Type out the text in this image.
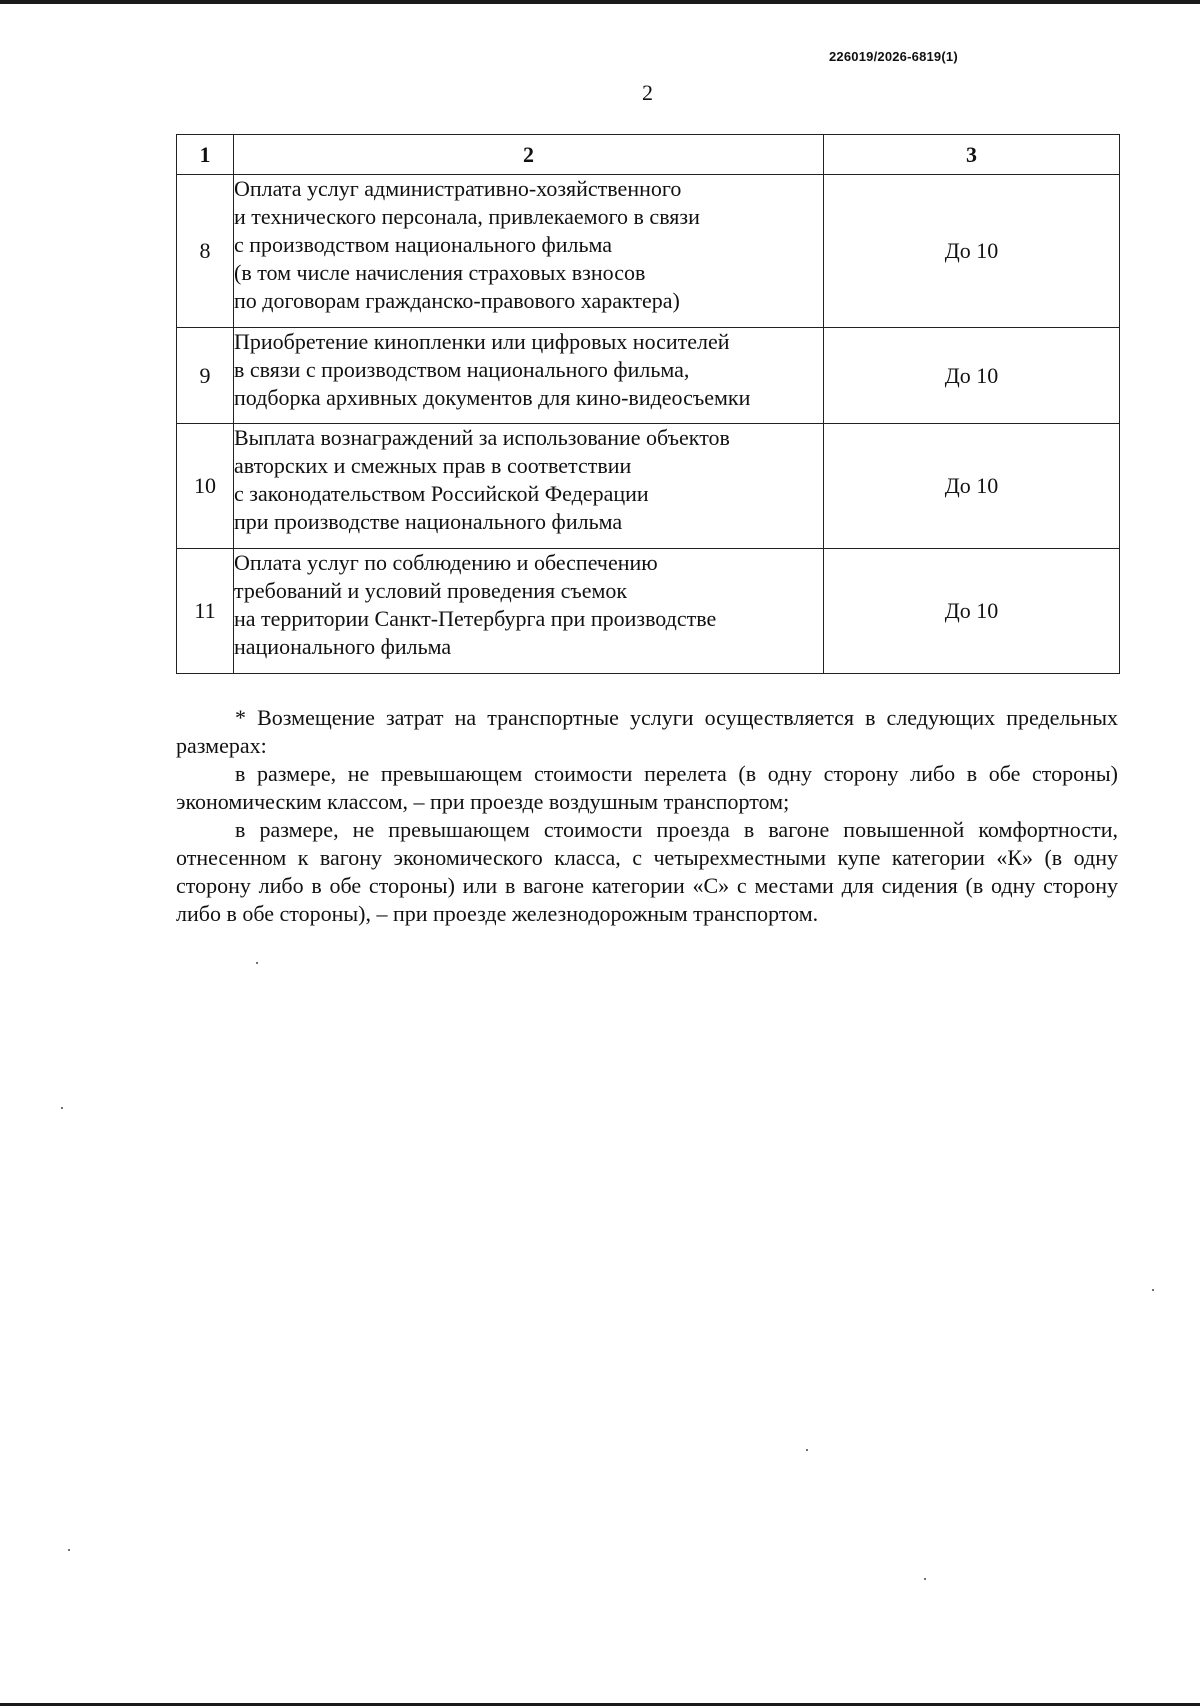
226019/2026-6819(1)
2
1	2	3
8	Оплата услуг административно-хозяйственного
и технического персонала, привлекаемого в связи
с производством национального фильма
(в том числе начисления страховых взносов
по договорам гражданско-правового характера)	До 10
9	Приобретение кинопленки или цифровых носителей
в связи с производством национального фильма,
подборка архивных документов для кино-видеосъемки	До 10
10	Выплата вознаграждений за использование объектов
авторских и смежных прав в соответствии
с законодательством Российской Федерации
при производстве национального фильма	До 10
11	Оплата услуг по соблюдению и обеспечению
требований и условий проведения съемок
на территории Санкт-Петербурга при производстве
национального фильма	До 10

* Возмещение затрат на транспортные услуги осуществляется в следующих предельных размерах:

в размере, не превышающем стоимости перелета (в одну сторону либо в обе стороны) экономическим классом, – при проезде воздушным транспортом;

в размере, не превышающем стоимости проезда в вагоне повышенной комфортности, отнесенном к вагону экономического класса, с четырехместными купе категории «К» (в одну сторону либо в обе стороны) или в вагоне категории «С» с местами для сидения (в одну сторону либо в обе стороны), – при проезде железнодорожным транспортом.
